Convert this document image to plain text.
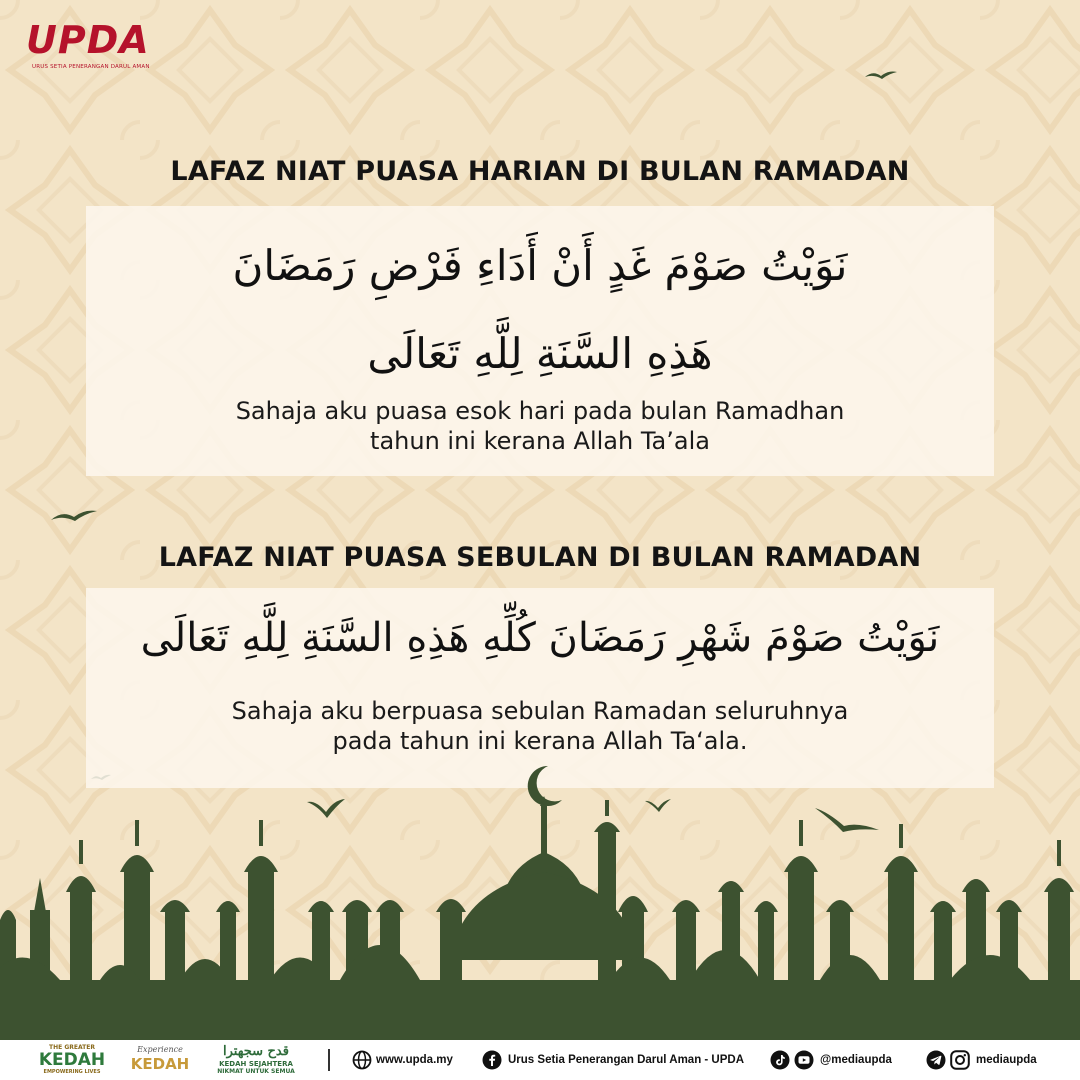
UPDA
URUS SETIA PENERANGAN DARUL AMAN
LAFAZ NIAT PUASA HARIAN DI BULAN RAMADAN
نَوَيْتُ صَوْمَ غَدٍ أَنْ أَدَاءِ فَرْضِ رَمَضَانَ
هَذِهِ السَّنَةِ لِلَّهِ تَعَالَى
Sahaja aku puasa esok hari pada bulan Ramadhan
tahun ini kerana Allah Ta’ala
LAFAZ NIAT PUASA SEBULAN DI BULAN RAMADAN
نَوَيْتُ صَوْمَ شَهْرِ رَمَضَانَ كُلِّهِ هَذِهِ السَّنَةِ لِلَّهِ تَعَالَى
Sahaja aku berpuasa sebulan Ramadan seluruhnya
pada tahun ini kerana Allah Ta‘ala.
THE GREATER
KEDAH
EMPOWERING LIVES
Experience
KEDAH
قدح سجهترا
KEDAH SEJAHTERA
NIKMAT UNTUK SEMUA
www.upda.my	Urus Setia Penerangan Darul Aman - UPDA	@mediaupda	mediaupda
